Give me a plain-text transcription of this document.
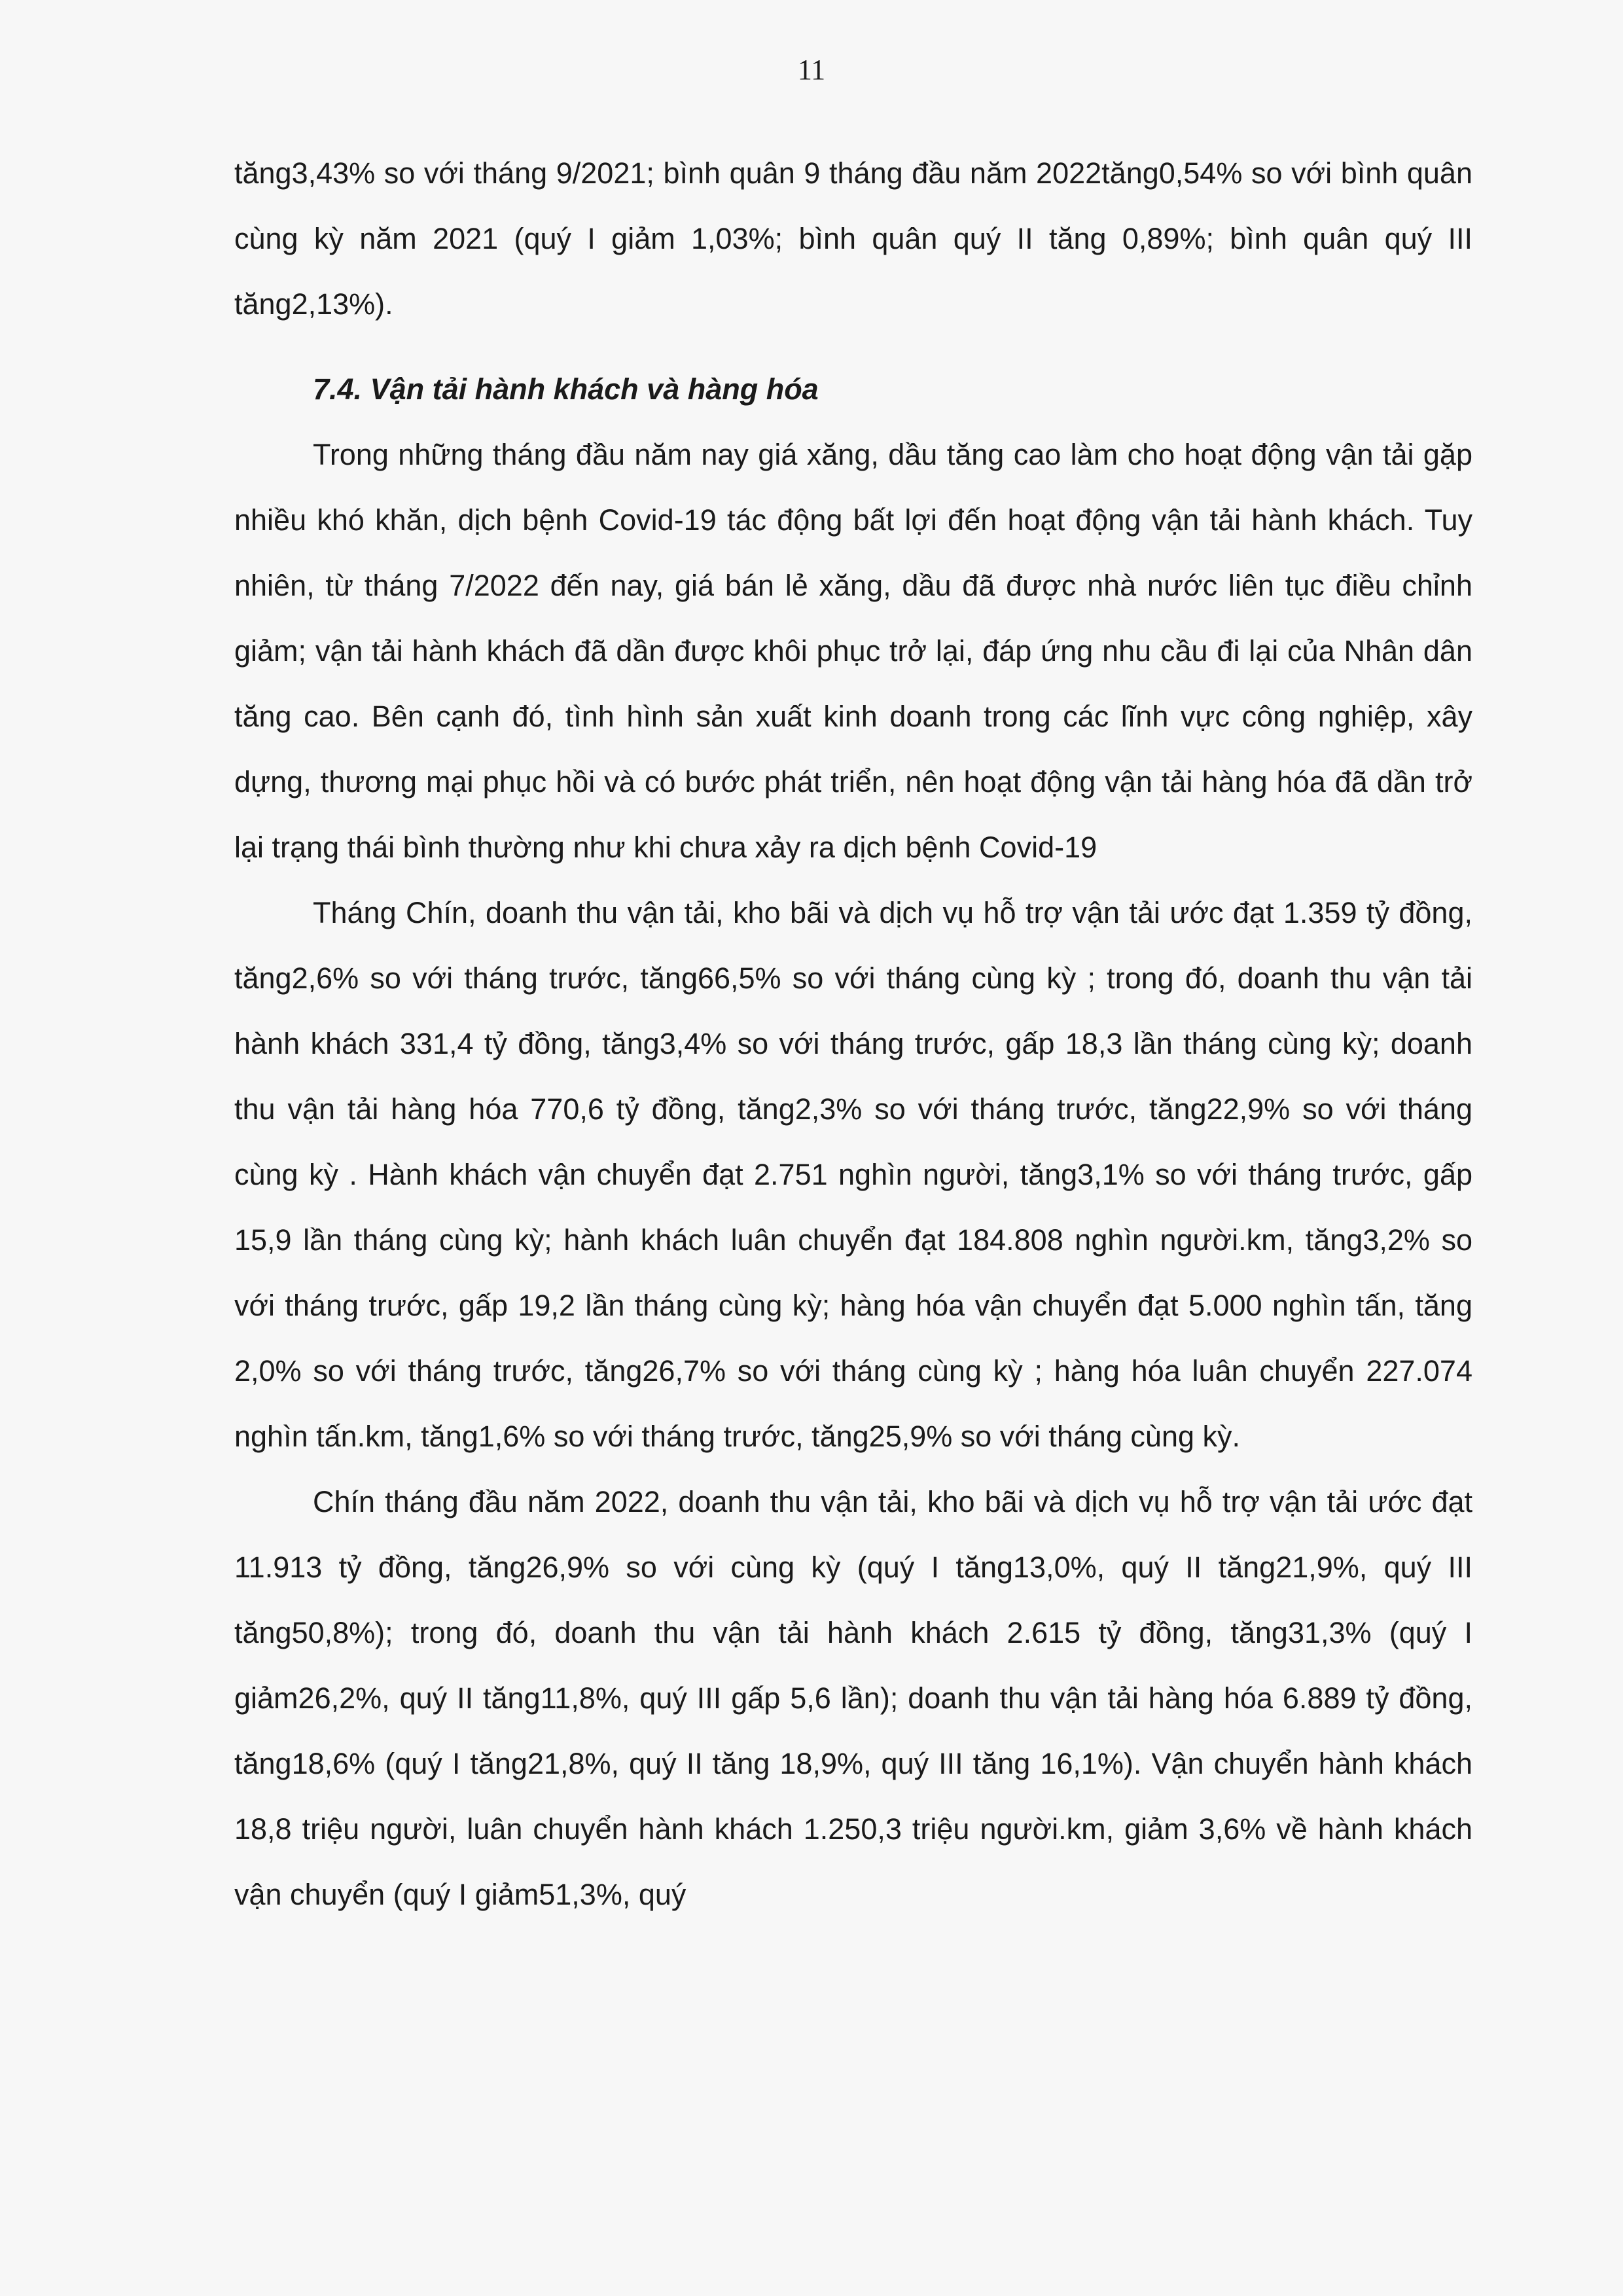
11

tăng3,43% so với tháng 9/2021; bình quân 9 tháng đầu năm 2022tăng0,54% so với bình quân cùng kỳ năm 2021 (quý I giảm 1,03%; bình quân quý II tăng 0,89%; bình quân quý III tăng2,13%).

7.4. Vận tải hành khách và hàng hóa

Trong những tháng đầu năm nay giá xăng, dầu tăng cao làm cho hoạt động vận tải gặp nhiều khó khăn, dịch bệnh Covid-19 tác động bất lợi đến hoạt động vận tải hành khách. Tuy nhiên, từ tháng 7/2022 đến nay, giá bán lẻ xăng, dầu đã được nhà nước liên tục điều chỉnh giảm; vận tải hành khách đã dần được khôi phục trở lại, đáp ứng nhu cầu đi lại của Nhân dân tăng cao. Bên cạnh đó, tình hình sản xuất kinh doanh trong các lĩnh vực công nghiệp, xây dựng, thương mại phục hồi và có bước phát triển, nên hoạt động vận tải hàng hóa đã dần trở lại trạng thái bình thường như khi chưa xảy ra dịch bệnh Covid-19

Tháng Chín, doanh thu vận tải, kho bãi và dịch vụ hỗ trợ vận tải ước đạt 1.359 tỷ đồng, tăng2,6% so với tháng trước, tăng66,5% so với tháng cùng kỳ ; trong đó, doanh thu vận tải hành khách 331,4 tỷ đồng, tăng3,4% so với tháng trước, gấp 18,3 lần tháng cùng kỳ; doanh thu vận tải hàng hóa 770,6 tỷ đồng, tăng2,3% so với tháng trước, tăng22,9% so với tháng cùng kỳ . Hành khách vận chuyển đạt 2.751 nghìn người, tăng3,1% so với tháng trước, gấp 15,9 lần tháng cùng kỳ; hành khách luân chuyển đạt 184.808 nghìn người.km, tăng3,2% so với tháng trước, gấp 19,2 lần tháng cùng kỳ; hàng hóa vận chuyển đạt 5.000 nghìn tấn, tăng 2,0% so với tháng trước, tăng26,7% so với tháng cùng kỳ ; hàng hóa luân chuyển 227.074 nghìn tấn.km, tăng1,6% so với tháng trước, tăng25,9% so với tháng cùng kỳ.

Chín tháng đầu năm 2022, doanh thu vận tải, kho bãi và dịch vụ hỗ trợ vận tải ước đạt 11.913 tỷ đồng, tăng26,9% so với cùng kỳ (quý I tăng13,0%, quý II tăng21,9%, quý III tăng50,8%); trong đó, doanh thu vận tải hành khách 2.615 tỷ đồng, tăng31,3% (quý I giảm26,2%, quý II tăng11,8%, quý III gấp 5,6 lần); doanh thu vận tải hàng hóa 6.889 tỷ đồng, tăng18,6% (quý I tăng21,8%, quý II tăng 18,9%, quý III tăng 16,1%). Vận chuyển hành khách 18,8 triệu người, luân chuyển hành khách 1.250,3 triệu người.km, giảm 3,6% về hành khách vận chuyển (quý I giảm51,3%, quý
